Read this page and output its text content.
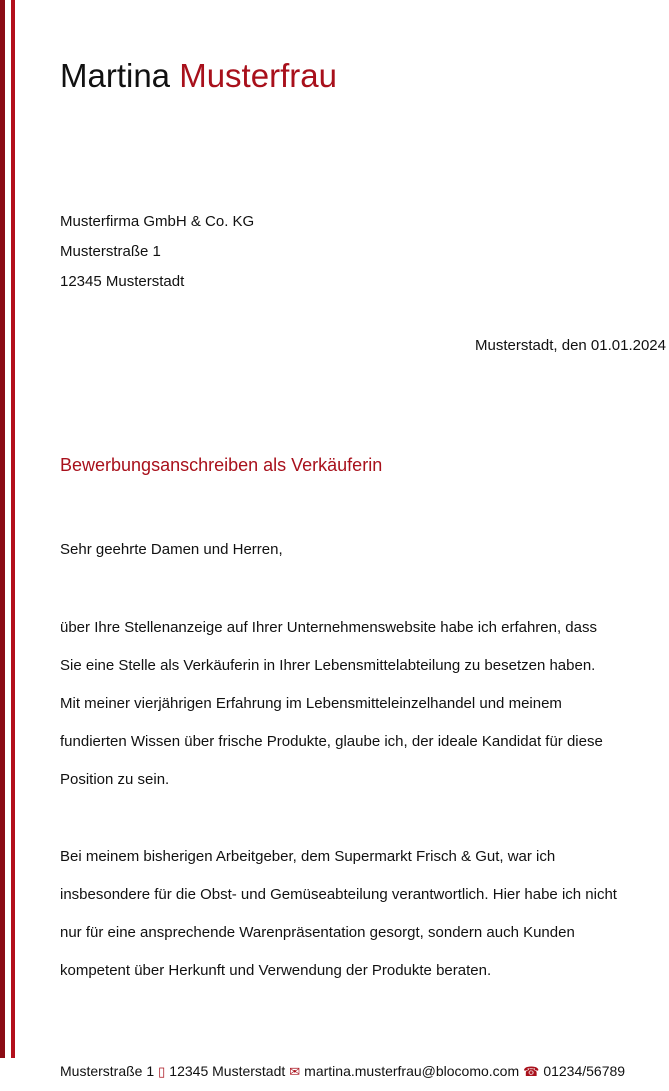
Martina Musterfrau
Musterfirma GmbH & Co. KG
Musterstraße 1
12345 Musterstadt
Musterstadt, den 01.01.2024
Bewerbungsanschreiben als Verkäuferin
Sehr geehrte Damen und Herren,
über Ihre Stellenanzeige auf Ihrer Unternehmenswebsite habe ich erfahren, dass
Sie eine Stelle als Verkäuferin in Ihrer Lebensmittelabteilung zu besetzen haben.
Mit meiner vierjährigen Erfahrung im Lebensmitteleinzelhandel und meinem
fundierten Wissen über frische Produkte, glaube ich, der ideale Kandidat für diese
Position zu sein.
Bei meinem bisherigen Arbeitgeber, dem Supermarkt Frisch & Gut, war ich
insbesondere für die Obst- und Gemüseabteilung verantwortlich. Hier habe ich nicht
nur für eine ansprechende Warenpräsentation gesorgt, sondern auch Kunden
kompetent über Herkunft und Verwendung der Produkte beraten.
Musterstraße 1 ▯ 12345 Musterstadt ✉ martina.musterfrau@blocomo.com ☎ 01234/56789
